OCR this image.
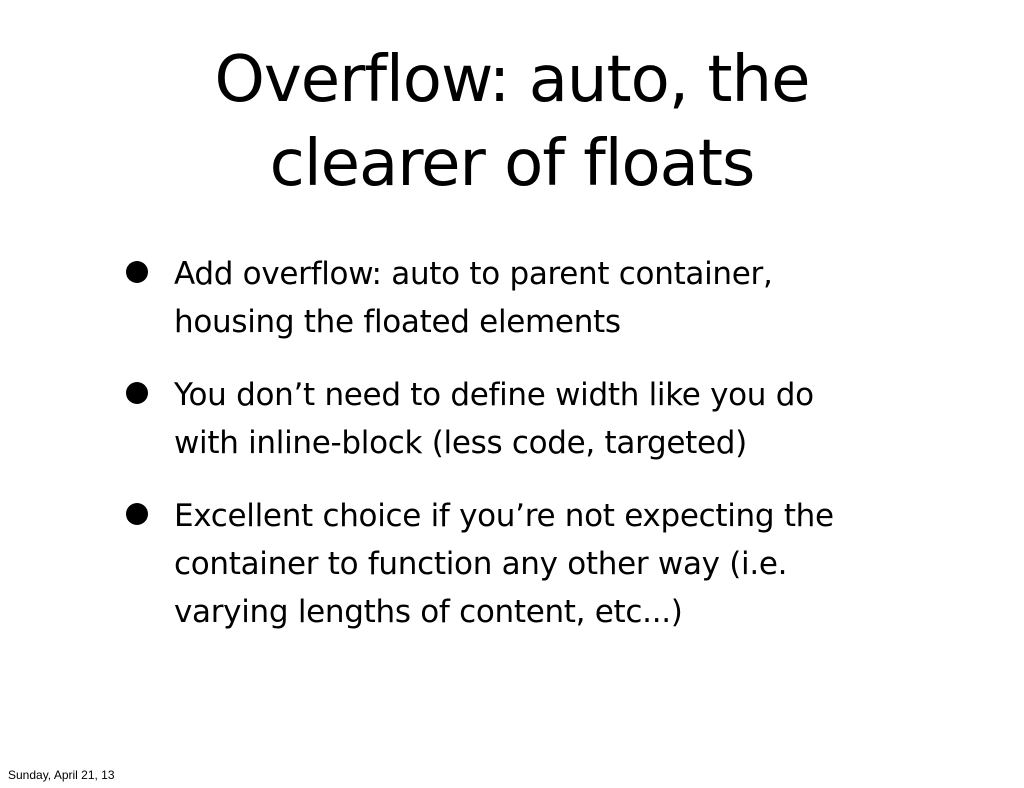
Overflow: auto, the
clearer of floats
Add overflow: auto to parent container,
housing the floated elements
You don’t need to define width like you do
with inline-block (less code, targeted)
Excellent choice if you’re not expecting the
container to function any other way (i.e.
varying lengths of content, etc...)
Sunday, April 21, 13
